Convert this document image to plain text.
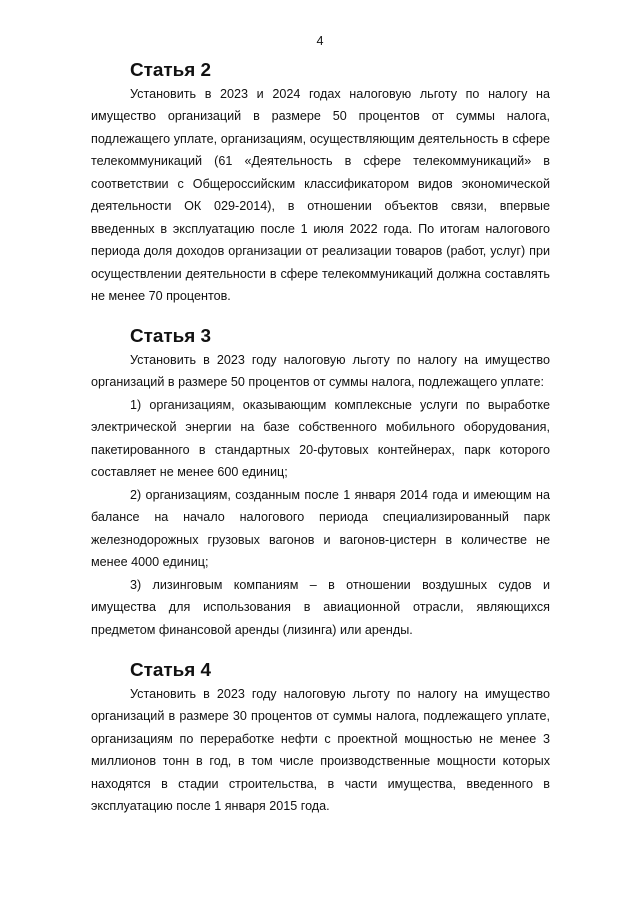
4
Статья 2

Установить в 2023 и 2024 годах налоговую льготу по налогу на имущество организаций в размере 50 процентов от суммы налога, подлежащего уплате, организациям, осуществляющим деятельность в сфере телекоммуникаций (61 «Деятельность в сфере телекоммуникаций» в соответствии с Общероссийским классификатором видов экономической деятельности ОК 029-2014), в отношении объектов связи, впервые введенных в эксплуатацию после 1 июля 2022 года. По итогам налогового периода доля доходов организации от реализации товаров (работ, услуг) при осуществлении деятельности в сфере телекоммуникаций должна составлять не менее 70 процентов.

Статья 3

Установить в 2023 году налоговую льготу по налогу на имущество организаций в размере 50 процентов от суммы налога, подлежащего уплате:

1) организациям, оказывающим комплексные услуги по выработке электрической энергии на базе собственного мобильного оборудования, пакетированного в стандартных 20-футовых контейнерах, парк которого составляет не менее 600 единиц;

2) организациям, созданным после 1 января 2014 года и имеющим на балансе на начало налогового периода специализированный парк железнодорожных грузовых вагонов и вагонов-цистерн в количестве не менее 4000 единиц;

3) лизинговым компаниям – в отношении воздушных судов и имущества для использования в авиационной отрасли, являющихся предметом финансовой аренды (лизинга) или аренды.

Статья 4

Установить в 2023 году налоговую льготу по налогу на имущество организаций в размере 30 процентов от суммы налога, подлежащего уплате, организациям по переработке нефти с проектной мощностью не менее 3 миллионов тонн в год, в том числе производственные мощности которых находятся в стадии строительства, в части имущества, введенного в эксплуатацию после 1 января 2015 года.
